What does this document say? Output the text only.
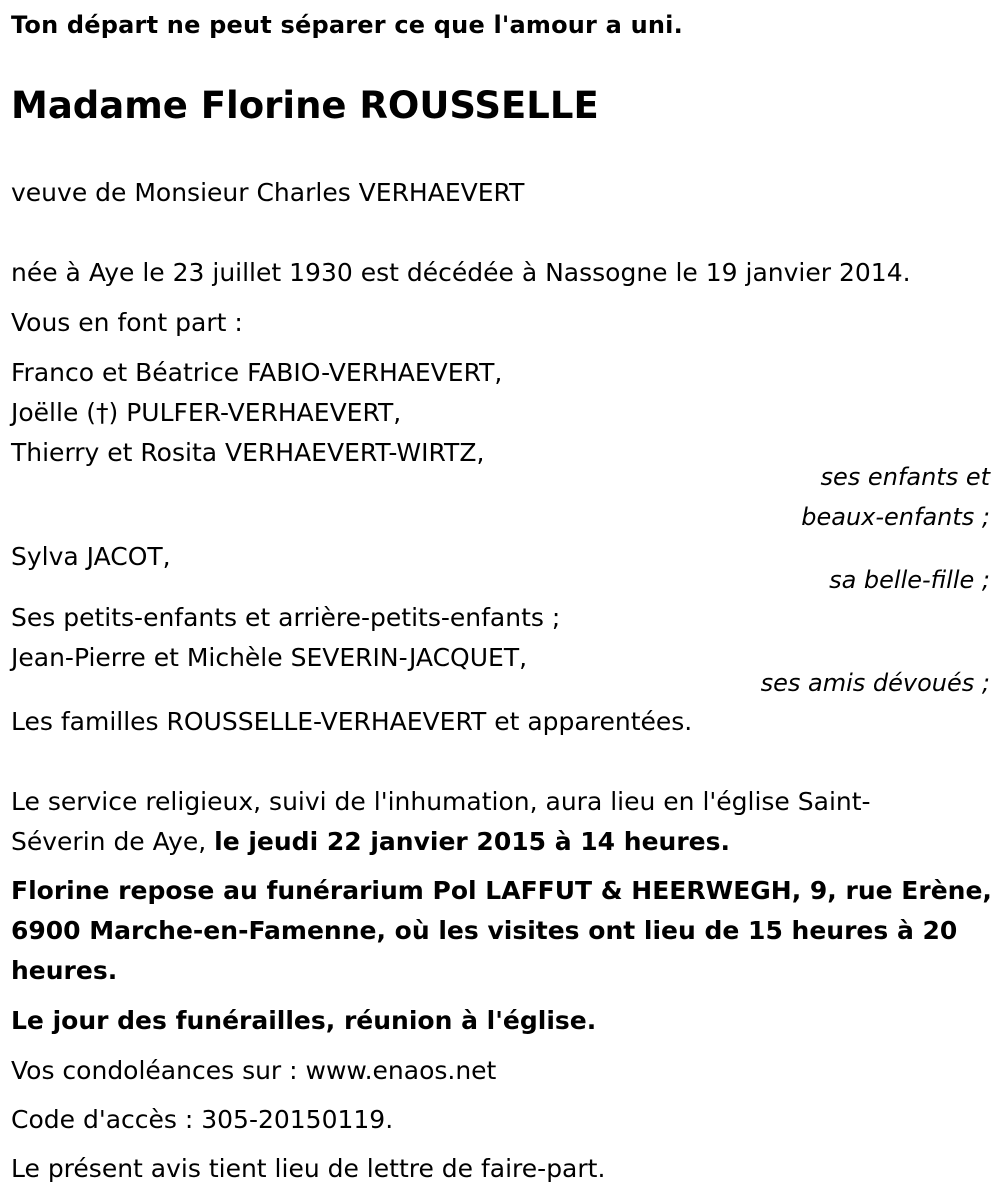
Ton départ ne peut séparer ce que l'amour a uni.
Madame Florine ROUSSELLE
veuve de Monsieur Charles VERHAEVERT
née à Aye le 23 juillet 1930 est décédée à Nassogne le 19 janvier 2014.
Vous en font part :
Franco et Béatrice FABIO-VERHAEVERT,
Joëlle (†) PULFER-VERHAEVERT,
Thierry et Rosita VERHAEVERT-WIRTZ,
ses enfants et
beaux-enfants ;
Sylva JACOT,
sa belle-fille ;
Ses petits-enfants et arrière-petits-enfants ;
Jean-Pierre et Michèle SEVERIN-JACQUET,
ses amis dévoués ;
Les familles ROUSSELLE-VERHAEVERT et apparentées.
Le service religieux, suivi de l'inhumation, aura lieu en l'église Saint-
Séverin de Aye, le jeudi 22 janvier 2015 à 14 heures.
Florine repose au funérarium Pol LAFFUT & HEERWEGH, 9, rue Erène,
6900 Marche-en-Famenne, où les visites ont lieu de 15 heures à 20
heures.
Le jour des funérailles, réunion à l'église.
Vos condoléances sur : www.enaos.net
Code d'accès : 305-20150119.
Le présent avis tient lieu de lettre de faire-part.
